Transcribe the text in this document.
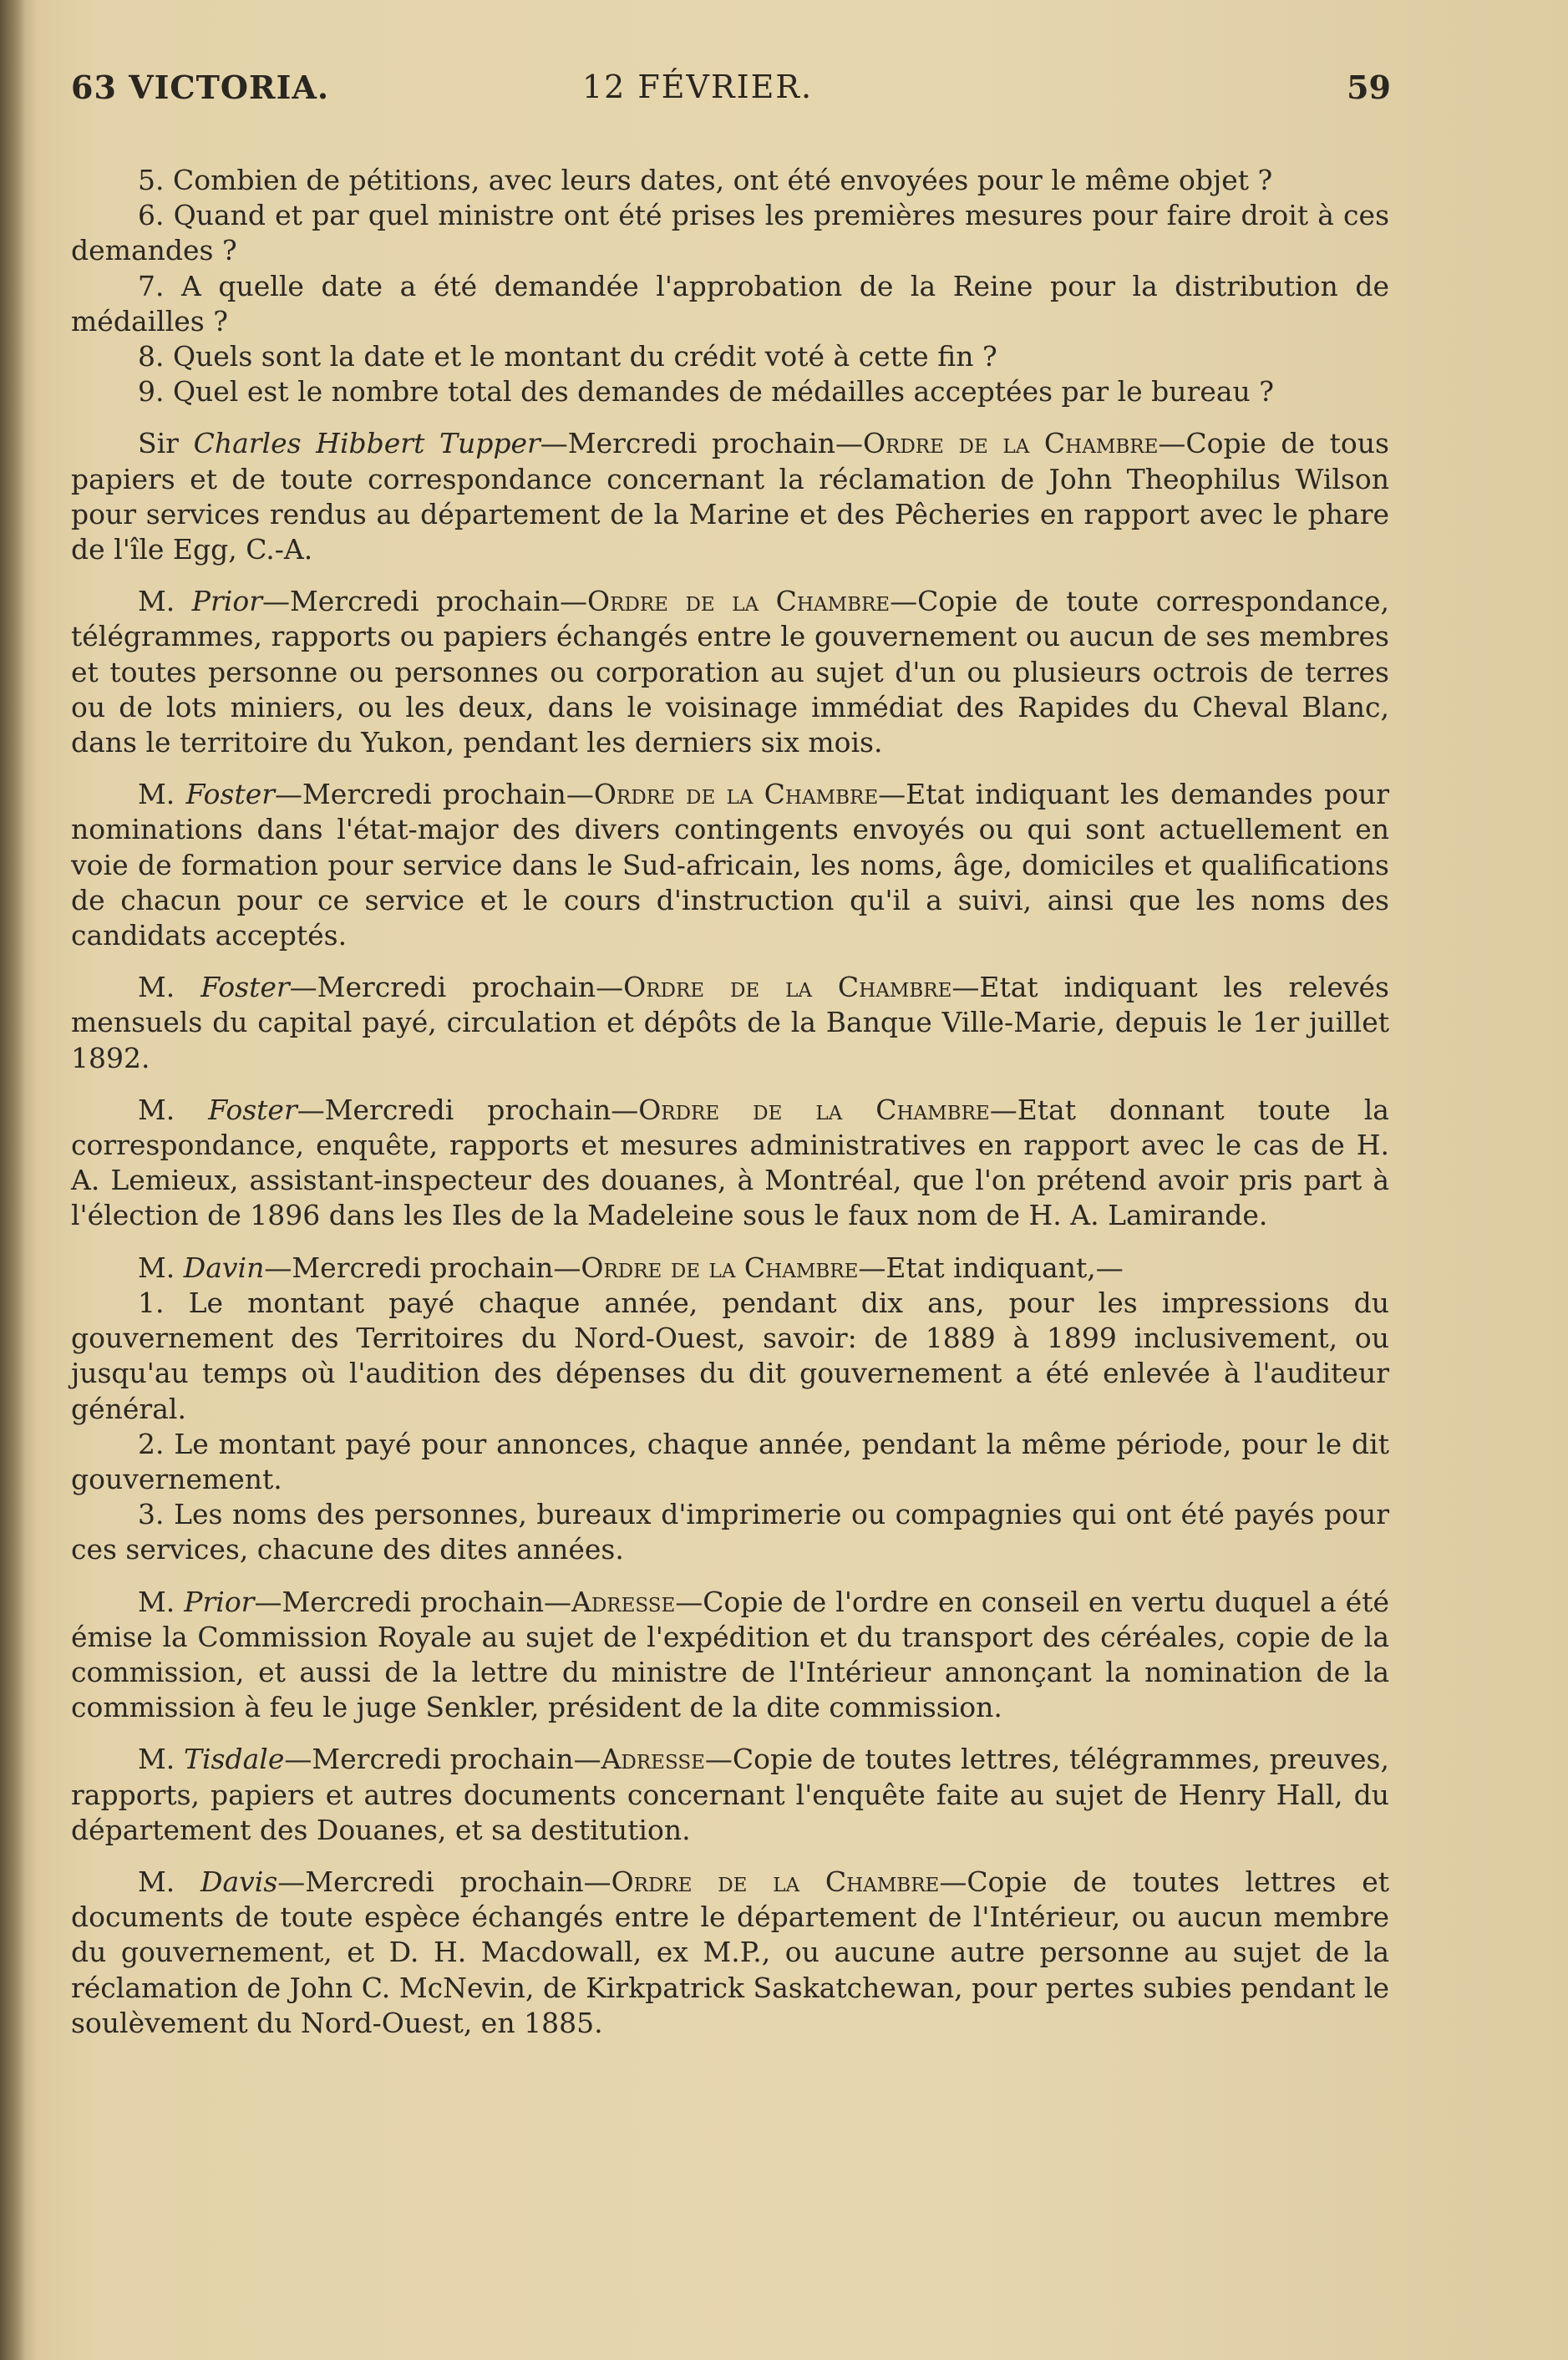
63 VICTORIA.	12 FÉVRIER.	59

5. Combien de pétitions, avec leurs dates, ont été envoyées pour le même objet ?

6. Quand et par quel ministre ont été prises les premières mesures pour faire droit à ces demandes ?

7. A quelle date a été demandée l'approbation de la Reine pour la distribution de médailles ?

8. Quels sont la date et le montant du crédit voté à cette fin ?

9. Quel est le nombre total des demandes de médailles acceptées par le bureau ?

Sir Charles Hibbert Tupper—Mercredi prochain—Ordre de la Chambre—Copie de tous papiers et de toute correspondance concernant la réclamation de John Theophilus Wilson pour services rendus au département de la Marine et des Pêcheries en rapport avec le phare de l'île Egg, C.-A.

M. Prior—Mercredi prochain—Ordre de la Chambre—Copie de toute correspondance, télégrammes, rapports ou papiers échangés entre le gouvernement ou aucun de ses membres et toutes personne ou personnes ou corporation au sujet d'un ou plusieurs octrois de terres ou de lots miniers, ou les deux, dans le voisinage immédiat des Rapides du Cheval Blanc, dans le territoire du Yukon, pendant les derniers six mois.

M. Foster—Mercredi prochain—Ordre de la Chambre—Etat indiquant les demandes pour nominations dans l'état-major des divers contingents envoyés ou qui sont actuellement en voie de formation pour service dans le Sud-africain, les noms, âge, domiciles et qualifications de chacun pour ce service et le cours d'instruction qu'il a suivi, ainsi que les noms des candidats acceptés.

M. Foster—Mercredi prochain—Ordre de la Chambre—Etat indiquant les relevés mensuels du capital payé, circulation et dépôts de la Banque Ville-Marie, depuis le 1er juillet 1892.

M. Foster—Mercredi prochain—Ordre de la Chambre—Etat donnant toute la correspondance, enquête, rapports et mesures administratives en rapport avec le cas de H. A. Lemieux, assistant-inspecteur des douanes, à Montréal, que l'on prétend avoir pris part à l'élection de 1896 dans les Iles de la Madeleine sous le faux nom de H. A. Lamirande.

M. Davin—Mercredi prochain—Ordre de la Chambre—Etat indiquant,—

1. Le montant payé chaque année, pendant dix ans, pour les impressions du gouvernement des Territoires du Nord-Ouest, savoir: de 1889 à 1899 inclusivement, ou jusqu'au temps où l'audition des dépenses du dit gouvernement a été enlevée à l'auditeur général.

2. Le montant payé pour annonces, chaque année, pendant la même période, pour le dit gouvernement.

3. Les noms des personnes, bureaux d'imprimerie ou compagnies qui ont été payés pour ces services, chacune des dites années.

M. Prior—Mercredi prochain—Adresse—Copie de l'ordre en conseil en vertu duquel a été émise la Commission Royale au sujet de l'expédition et du transport des céréales, copie de la commission, et aussi de la lettre du ministre de l'Intérieur annonçant la nomination de la commission à feu le juge Senkler, président de la dite commission.

M. Tisdale—Mercredi prochain—Adresse—Copie de toutes lettres, télégrammes, preuves, rapports, papiers et autres documents concernant l'enquête faite au sujet de Henry Hall, du département des Douanes, et sa destitution.

M. Davis—Mercredi prochain—Ordre de la Chambre—Copie de toutes lettres et documents de toute espèce échangés entre le département de l'Intérieur, ou aucun membre du gouvernement, et D. H. Macdowall, ex M.P., ou aucune autre personne au sujet de la réclamation de John C. McNevin, de Kirkpatrick Saskatchewan, pour pertes subies pendant le soulèvement du Nord-Ouest, en 1885.
